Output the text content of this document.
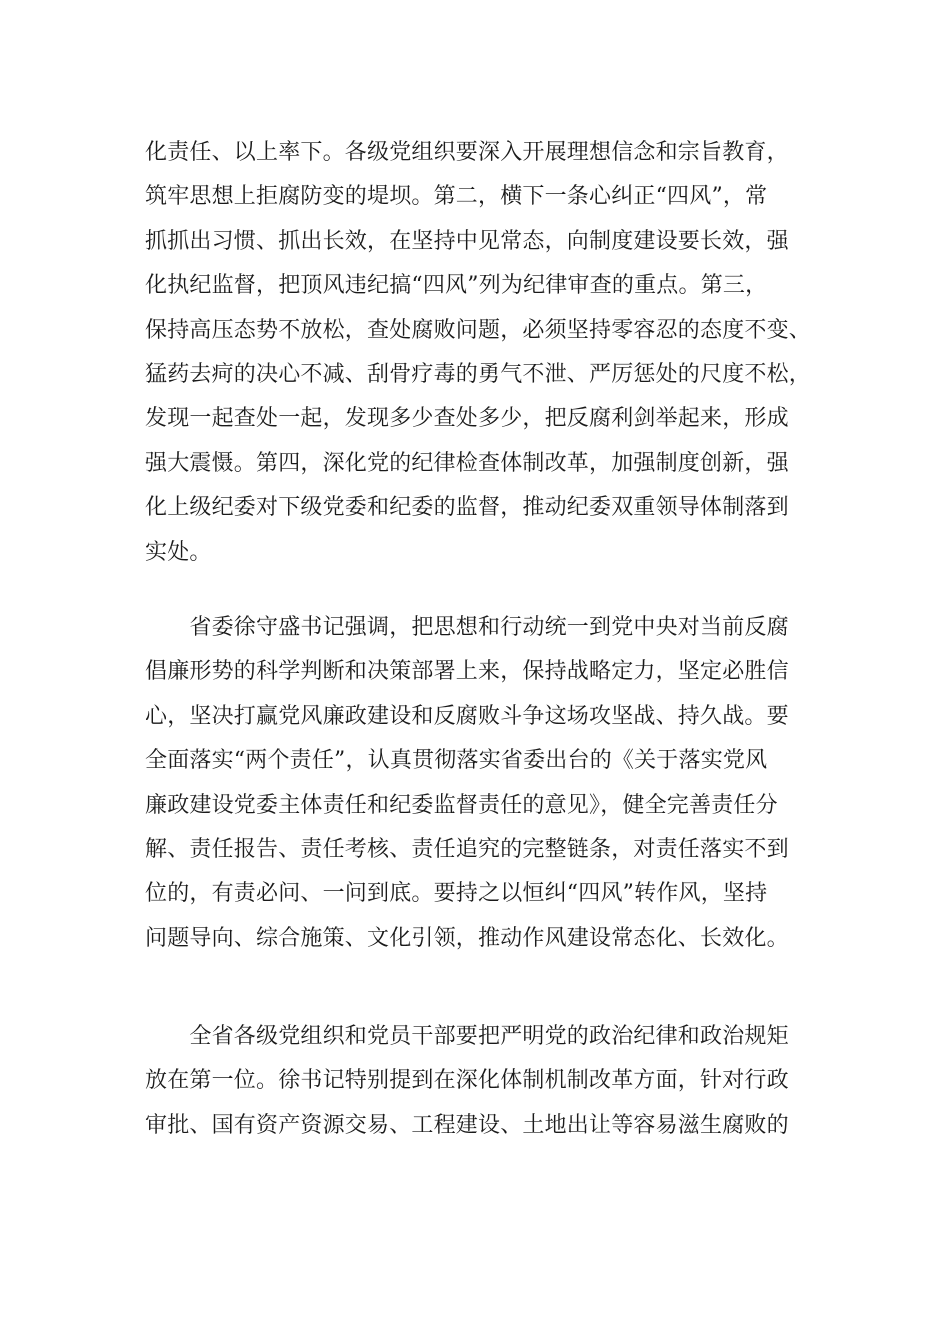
化责任、以上率下。各级党组织要深入开展理想信念和宗旨教育，
筑牢思想上拒腐防变的堤坝。第二，横下一条心纠正“四风”，常
抓抓出习惯、抓出长效，在坚持中见常态，向制度建设要长效，强
化执纪监督，把顶风违纪搞“四风”列为纪律审查的重点。第三，
保持高压态势不放松，查处腐败问题，必须坚持零容忍的态度不变、
猛药去疴的决心不减、刮骨疗毒的勇气不泄、严厉惩处的尺度不松，
发现一起查处一起，发现多少查处多少，把反腐利剑举起来，形成
强大震慑。第四，深化党的纪律检查体制改革，加强制度创新，强
化上级纪委对下级党委和纪委的监督，推动纪委双重领导体制落到
实处。
　　省委徐守盛书记强调，把思想和行动统一到党中央对当前反腐
倡廉形势的科学判断和决策部署上来，保持战略定力，坚定必胜信
心，坚决打赢党风廉政建设和反腐败斗争这场攻坚战、持久战。要
全面落实“两个责任”，认真贯彻落实省委出台的《关于落实党风
廉政建设党委主体责任和纪委监督责任的意见》，健全完善责任分
解、责任报告、责任考核、责任追究的完整链条，对责任落实不到
位的，有责必问、一问到底。要持之以恒纠“四风”转作风，坚持
问题导向、综合施策、文化引领，推动作风建设常态化、长效化。
　　全省各级党组织和党员干部要把严明党的政治纪律和政治规矩
放在第一位。徐书记特别提到在深化体制机制改革方面，针对行政
审批、国有资产资源交易、工程建设、土地出让等容易滋生腐败的
